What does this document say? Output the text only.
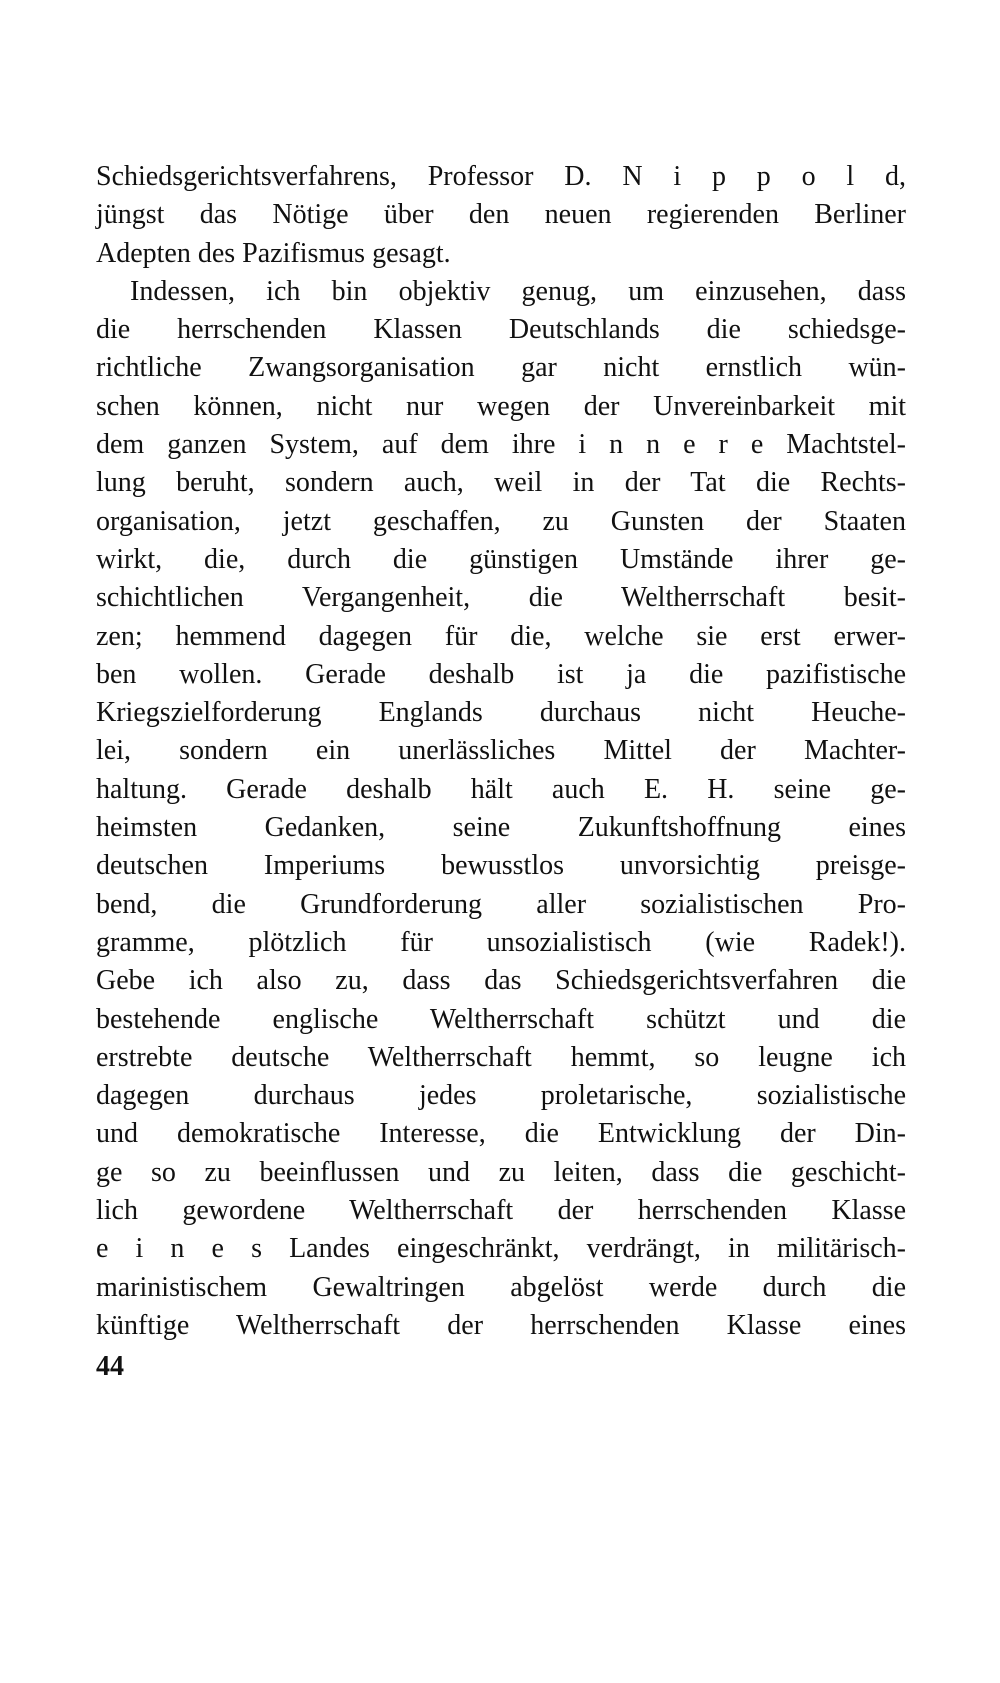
Schiedsgerichtsverfahrens, Professor D. N i p p o l d,
jüngst das Nötige über den neuen regierenden Berliner
Adepten des Pazifismus gesagt.
Indessen, ich bin objektiv genug, um einzusehen, dass
die herrschenden Klassen Deutschlands die schiedsge-
richtliche Zwangsorganisation gar nicht ernstlich wün-
schen können, nicht nur wegen der Unvereinbarkeit mit
dem ganzen System, auf dem ihre i n n e r e Machtstel-
lung beruht, sondern auch, weil in der Tat die Rechts-
organisation, jetzt geschaffen, zu Gunsten der Staaten
wirkt, die, durch die günstigen Umstände ihrer ge-
schichtlichen Vergangenheit, die Weltherrschaft besit-
zen; hemmend dagegen für die, welche sie erst erwer-
ben wollen. Gerade deshalb ist ja die pazifistische
Kriegszielforderung Englands durchaus nicht Heuche-
lei, sondern ein unerlässliches Mittel der Machter-
haltung. Gerade deshalb hält auch E. H. seine ge-
heimsten Gedanken, seine Zukunftshoffnung eines
deutschen Imperiums bewusstlos unvorsichtig preisge-
bend, die Grundforderung aller sozialistischen Pro-
gramme, plötzlich für unsozialistisch (wie Radek!).
Gebe ich also zu, dass das Schiedsgerichtsverfahren die
bestehende englische Weltherrschaft schützt und die
erstrebte deutsche Weltherrschaft hemmt, so leugne ich
dagegen durchaus jedes proletarische, sozialistische
und demokratische Interesse, die Entwicklung der Din-
ge so zu beeinflussen und zu leiten, dass die geschicht-
lich gewordene Weltherrschaft der herrschenden Klasse
e i n e s Landes eingeschränkt, verdrängt, in militärisch-
marinistischem Gewaltringen abgelöst werde durch die
künftige Weltherrschaft der herrschenden Klasse eines
44
